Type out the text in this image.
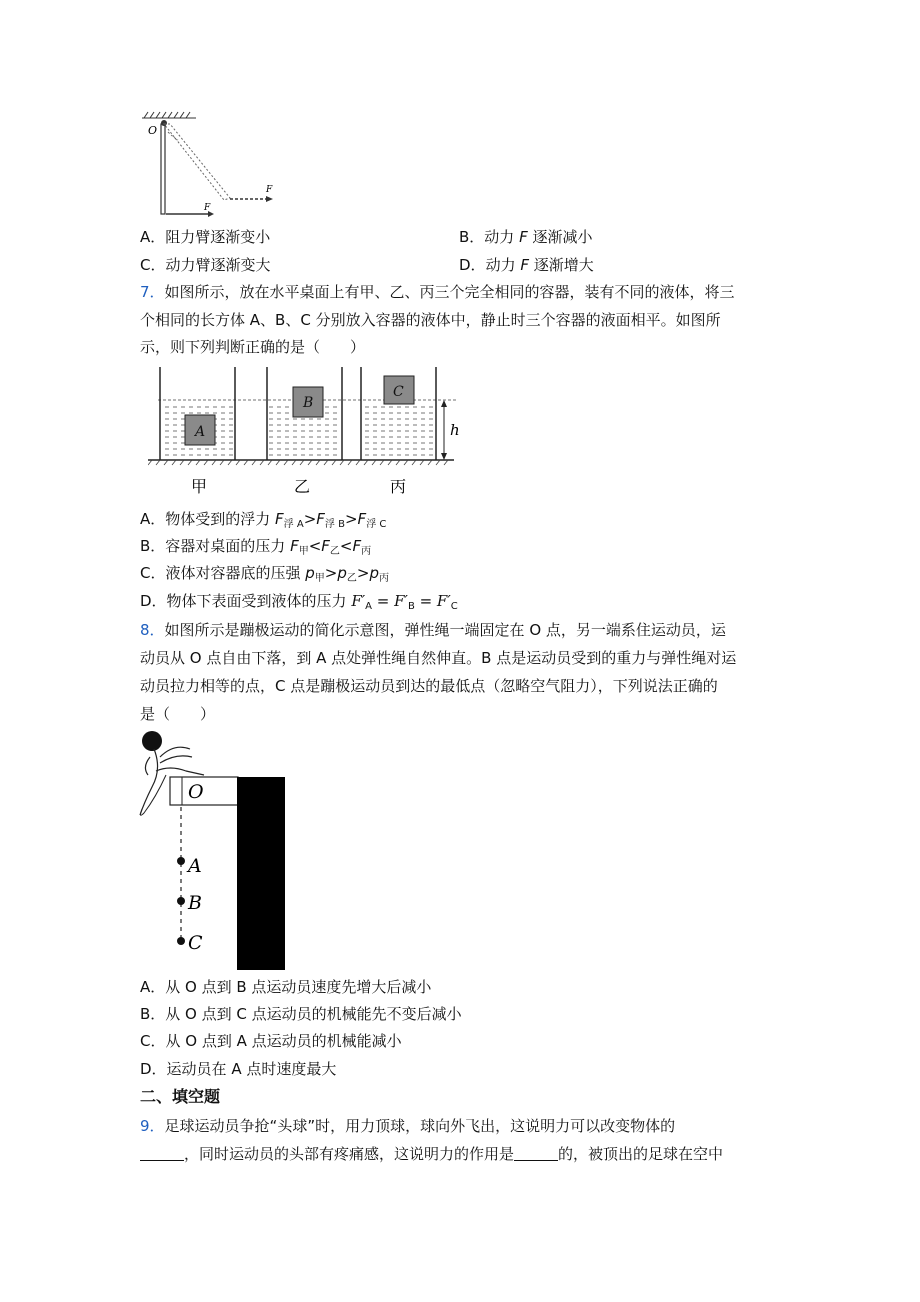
O
F
F
A．阻力臂逐渐变小	B．动力 F 逐渐减小
C．动力臂逐渐变大	D．动力 F 逐渐增大
7．如图所示，放在水平桌面上有甲、乙、丙三个完全相同的容器，装有不同的液体，将三
个相同的长方体 A、B、C 分别放入容器的液体中，静止时三个容器的液面相平。如图所
示，则下列判断正确的是（　　）
A
B
C
h
甲	乙	丙
A．物体受到的浮力 $F_{浮 A}>F_{浮 B}>F_{浮 C}$
B．容器对桌面的压力 $F_甲<F_乙<F_丙$
C．液体对容器底的压强 $p_甲>p_乙>p_丙$
D．物体下表面受到液体的压力 $F'_A = F'_B = F'_C$
8．如图所示是蹦极运动的简化示意图，弹性绳一端固定在 O 点，另一端系住运动员，运
动员从 O 点自由下落，到 A 点处弹性绳自然伸直。B 点是运动员受到的重力与弹性绳对运
动员拉力相等的点，C 点是蹦极运动员到达的最低点（忽略空气阻力），下列说法正确的
是（　　）
O
A
B
C
A．从 O 点到 B 点运动员速度先增大后减小
B．从 O 点到 C 点运动员的机械能先不变后减小
C．从 O 点到 A 点运动员的机械能减小
D．运动员在 A 点时速度最大
二、填空题
9．足球运动员争抢“头球”时，用力顶球，球向外飞出，这说明力可以改变物体的
，同时运动员的头部有疼痛感，这说明力的作用是	的，被顶出的足球在空中
